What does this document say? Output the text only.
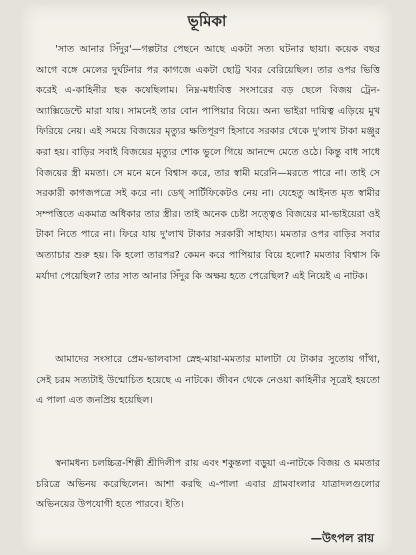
ভূমিকা

'সাত আনার সিঁদুর'—গল্পটার পেছনে আছে একটা সত্য ঘটনার ছায়া। কয়েক বছর আগে বঙ্গে মেলের দুর্ঘটনার পর কাগজে একটা ছোট্ট খবর বেরিয়েছিল। তার ওপর ভিত্তি করেই এ-কাহিনীর ছক কষেছিলাম। নিম্ন-মধ্যবিত্ত সংসারের বড় ছেলে বিজয় ট্রেন-অ্যাক্সিডেন্টে মারা যায়। সামনেই তার বোন পাপিয়ার বিয়ে। অন্য ভাইরা দায়িত্ব এড়িয়ে মুখ ফিরিয়ে নেয়। এই সময়ে বিজয়ের মৃত্যুর ক্ষতিপূরণ হিসাবে সরকার থেকে দু'লাখ টাকা মঞ্জুর করা হয়। বাড়ির সবাই বিজয়ের মৃত্যুর শোক ভুলে গিয়ে আনন্দে মেতে ওঠে। কিন্তু বাধ সাধে বিজয়ের স্ত্রী মমতা। সে মনে মনে বিশ্বাস করে, তার স্বামী মরেনি—মরতে পারে না। তাই সে সরকারী কাগজপত্রে সই করে না। ডেথ্ সার্টিফিকেটও নেয় না। যেহেতু আইনত মৃত স্বামীর সম্পত্তিতে একমাত্র অধিকার তার স্ত্রীর। তাই অনেক চেষ্টা সত্ত্বেও বিজয়ের মা-ভাইয়েরা ওই টাকা নিতে পারে না। ফিরে যায় দু'লাখ টাকার সরকারী সাহায্য। মমতার ওপর বাড়ির সবার অত্যাচার শুরু হয়। কি হলো তারপর? কেমন করে পাপিয়ার বিয়ে হলো? মমতার বিশ্বাস কি মর্যাদা পেয়েছিল? তার সাত আনার সিঁদুর কি অক্ষয় হতে পেরেছিল? এই নিয়েই এ নাটক।

আমাদের সংসারে প্রেম-ভালবাসা স্নেহ-মায়া-মমতার মালাটা যে টাকার সুতোয় গাঁথা, সেই চরম সত্যটাই উন্মোচিত হয়েছে এ নাটকে। জীবন থেকে নেওয়া কাহিনীর সূত্রেই হয়তো এ পালা এত জনপ্রিয় হয়েছিল।

স্বনামধন্য চলচ্চিত্র-শিল্পী শ্রীদিলীপ রায় এবং শকুন্তলা বড়ুয়া এ-নাটকে বিজয় ও মমতার চরিত্রে অভিনয় করেছিলেন। আশা করছি এ-পালা এবার গ্রামবাংলার যাত্রাদলগুলোর অভিনয়ের উপযোগী হতে পারবে। ইতি।

—উৎপল রায়
